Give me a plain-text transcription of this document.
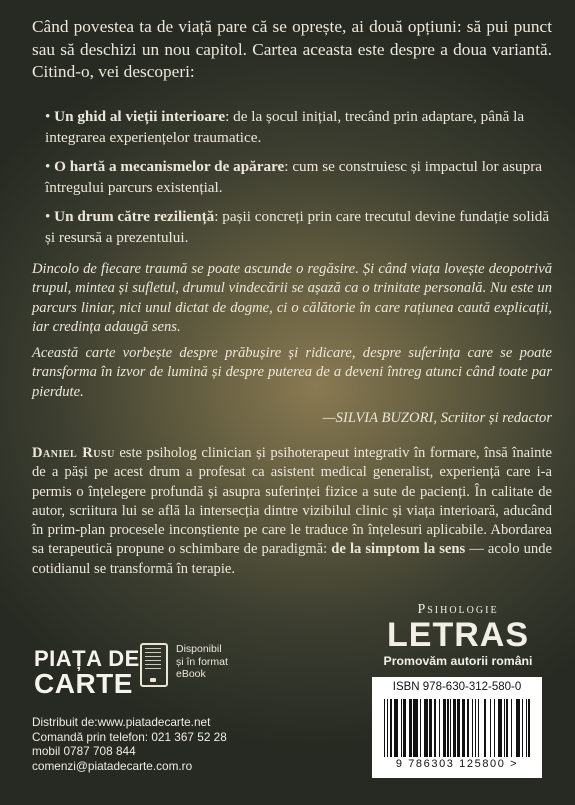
Când povestea ta de viață pare că se oprește, ai două opțiuni: să pui punct sau să deschizi un nou capitol. Cartea aceasta este despre a doua variantă. Citind-o, vei descoperi:
• Un ghid al vieții interioare: de la șocul inițial, trecând prin adaptare, până la integrarea experiențelor traumatice.
• O hartă a mecanismelor de apărare: cum se construiesc și impactul lor asupra întregului parcurs existențial.
• Un drum către reziliență: pașii concreți prin care trecutul devine fundație solidă și resursă a prezentului.

Dincolo de fiecare traumă se poate ascunde o regăsire. Și când viața lovește deopotrivă trupul, mintea și sufletul, drumul vindecării se așază ca o trinitate personală. Nu este un parcurs liniar, nici unul dictat de dogme, ci o călătorie în care rațiunea caută explicații, iar credința adaugă sens.

Această carte vorbește despre prăbușire și ridicare, despre suferința care se poate transforma în izvor de lumină și despre puterea de a deveni întreg atunci când toate par pierdute.

—SILVIA BUZORI, Scriitor și redactor
Daniel Rusu este psiholog clinician și psihoterapeut integrativ în formare, însă înainte de a păși pe acest drum a profesat ca asistent medical generalist, experiență care i-a permis o înțelegere profundă și asupra suferinței fizice a sute de pacienți. În calitate de autor, scriitura lui se află la intersecția dintre vizibilul clinic și viața interioară, aducând în prim-plan procesele inconștiente pe care le traduce în înțelesuri aplicabile. Abordarea sa terapeutică propune o schimbare de paradigmă: de la simptom la sens — acolo unde cotidianul se transformă în terapie.
Psihologie
LETRAS
Promovăm autorii români
ISBN 978-630-312-580-0
9 786303 125800 >
PIAȚA DE
CARTE
Disponibil
și în format
eBook
Distribuit de:www.piatadecarte.net
Comandă prin telefon: 021 367 52 28
mobil 0787 708 844
comenzi@piatadecarte.com.ro
